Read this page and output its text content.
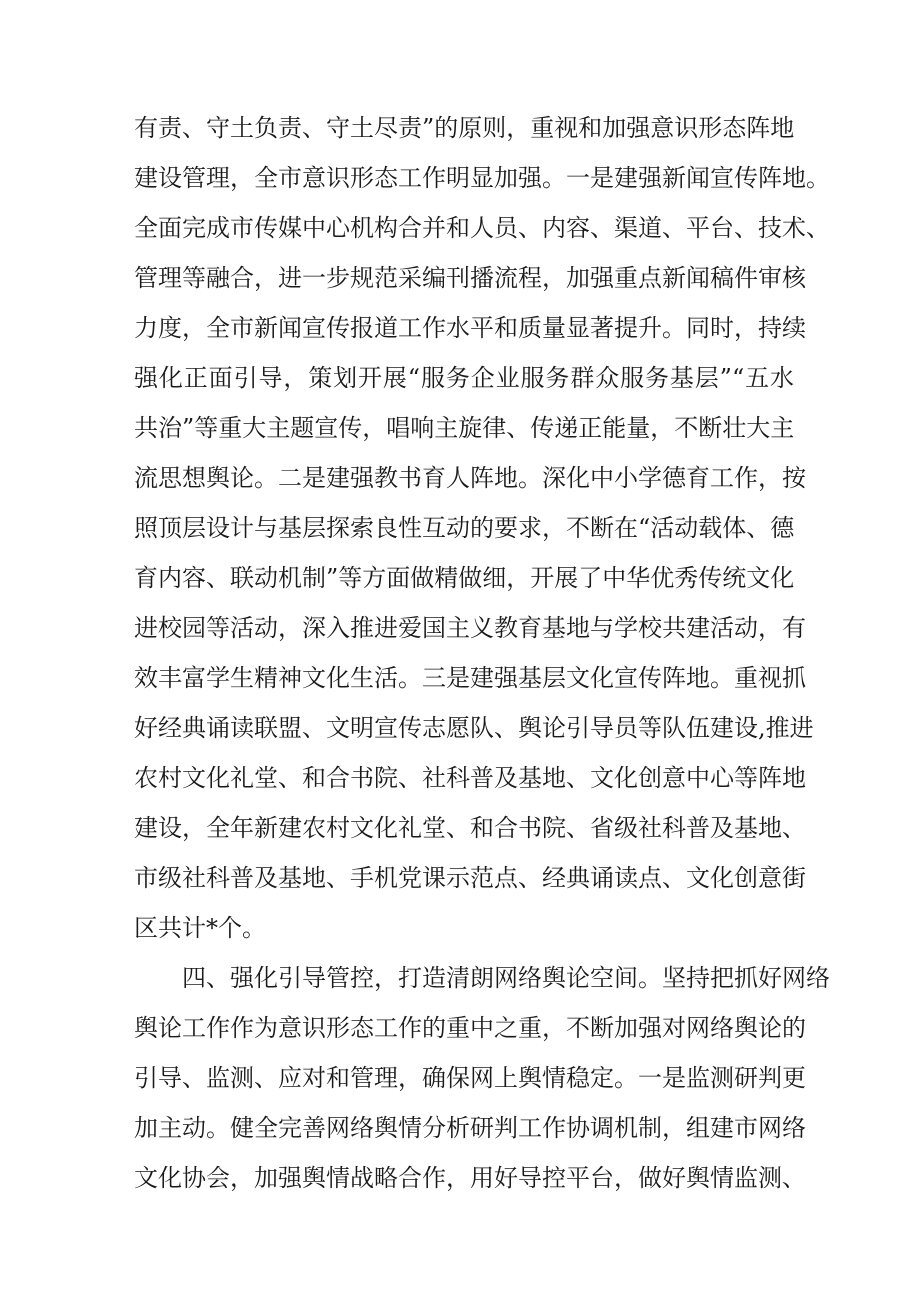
有责、守土负责、守土尽责”的原则，重视和加强意识形态阵地
建设管理，全市意识形态工作明显加强。一是建强新闻宣传阵地。
全面完成市传媒中心机构合并和人员、内容、渠道、平台、技术、
管理等融合，进一步规范采编刊播流程，加强重点新闻稿件审核
力度，全市新闻宣传报道工作水平和质量显著提升。同时，持续
强化正面引导，策划开展“服务企业服务群众服务基层”“五水
共治”等重大主题宣传，唱响主旋律、传递正能量，不断壮大主
流思想舆论。二是建强教书育人阵地。深化中小学德育工作，按
照顶层设计与基层探索良性互动的要求，不断在“活动载体、德
育内容、联动机制”等方面做精做细，开展了中华优秀传统文化
进校园等活动，深入推进爱国主义教育基地与学校共建活动，有
效丰富学生精神文化生活。三是建强基层文化宣传阵地。重视抓
好经典诵读联盟、文明宣传志愿队、舆论引导员等队伍建设,推进
农村文化礼堂、和合书院、社科普及基地、文化创意中心等阵地
建设，全年新建农村文化礼堂、和合书院、省级社科普及基地、
市级社科普及基地、手机党课示范点、经典诵读点、文化创意街
区共计*个。
四、强化引导管控，打造清朗网络舆论空间。坚持把抓好网络
舆论工作作为意识形态工作的重中之重，不断加强对网络舆论的
引导、监测、应对和管理，确保网上舆情稳定。一是监测研判更
加主动。健全完善网络舆情分析研判工作协调机制，组建市网络
文化协会，加强舆情战略合作，用好导控平台，做好舆情监测、
